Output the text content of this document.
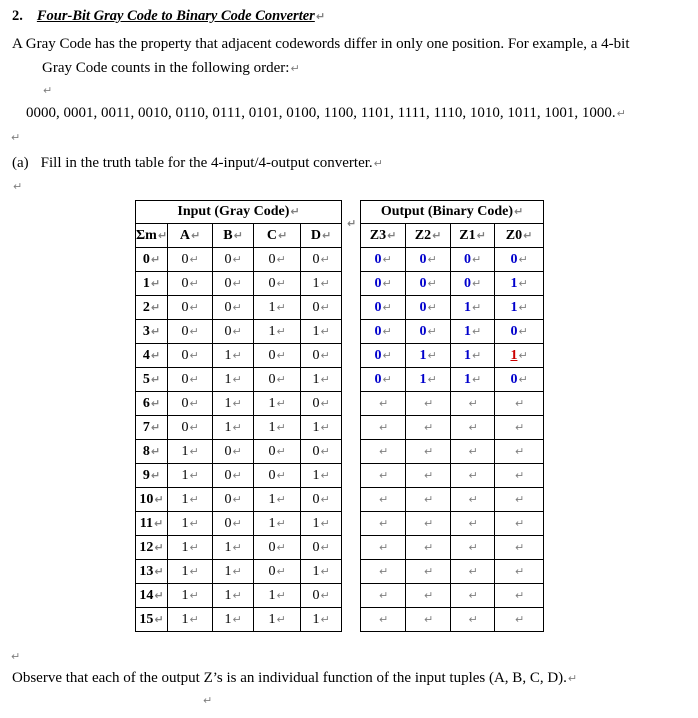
2. Four-Bit Gray Code to Binary Code Converter↵
A Gray Code has the property that adjacent codewords differ in only one position. For example, a 4-bit
Gray Code counts in the following order:↵
↵
0000, 0001, 0011, 0010, 0110, 0111, 0101, 0100, 1100, 1101, 1111, 1110, 1010, 1011, 1001, 1000.↵
↵
(a) Fill in the truth table for the 4-input/4-output converter.↵
↵
Input (Gray Code)↵					↵	Output (Binary Code)↵			
Σm↵	A↵	B↵	C↵	D↵		Z3↵	Z2↵	Z1↵	Z0↵
0↵	0↵	0↵	0↵	0↵		0↵	0↵	0↵	0↵
1↵	0↵	0↵	0↵	1↵		0↵	0↵	0↵	1↵
2↵	0↵	0↵	1↵	0↵		0↵	0↵	1↵	1↵
3↵	0↵	0↵	1↵	1↵		0↵	0↵	1↵	0↵
4↵	0↵	1↵	0↵	0↵		0↵	1↵	1↵	1↵
5↵	0↵	1↵	0↵	1↵		0↵	1↵	1↵	0↵
6↵	0↵	1↵	1↵	0↵		↵	↵	↵	↵
7↵	0↵	1↵	1↵	1↵		↵	↵	↵	↵
8↵	1↵	0↵	0↵	0↵		↵	↵	↵	↵
9↵	1↵	0↵	0↵	1↵		↵	↵	↵	↵
10↵	1↵	0↵	1↵	0↵		↵	↵	↵	↵
11↵	1↵	0↵	1↵	1↵		↵	↵	↵	↵
12↵	1↵	1↵	0↵	0↵		↵	↵	↵	↵
13↵	1↵	1↵	0↵	1↵		↵	↵	↵	↵
14↵	1↵	1↵	1↵	0↵		↵	↵	↵	↵
15↵	1↵	1↵	1↵	1↵		↵	↵	↵	↵
↵
Observe that each of the output Z’s is an individual function of the input tuples (A, B, C, D).↵
↵
